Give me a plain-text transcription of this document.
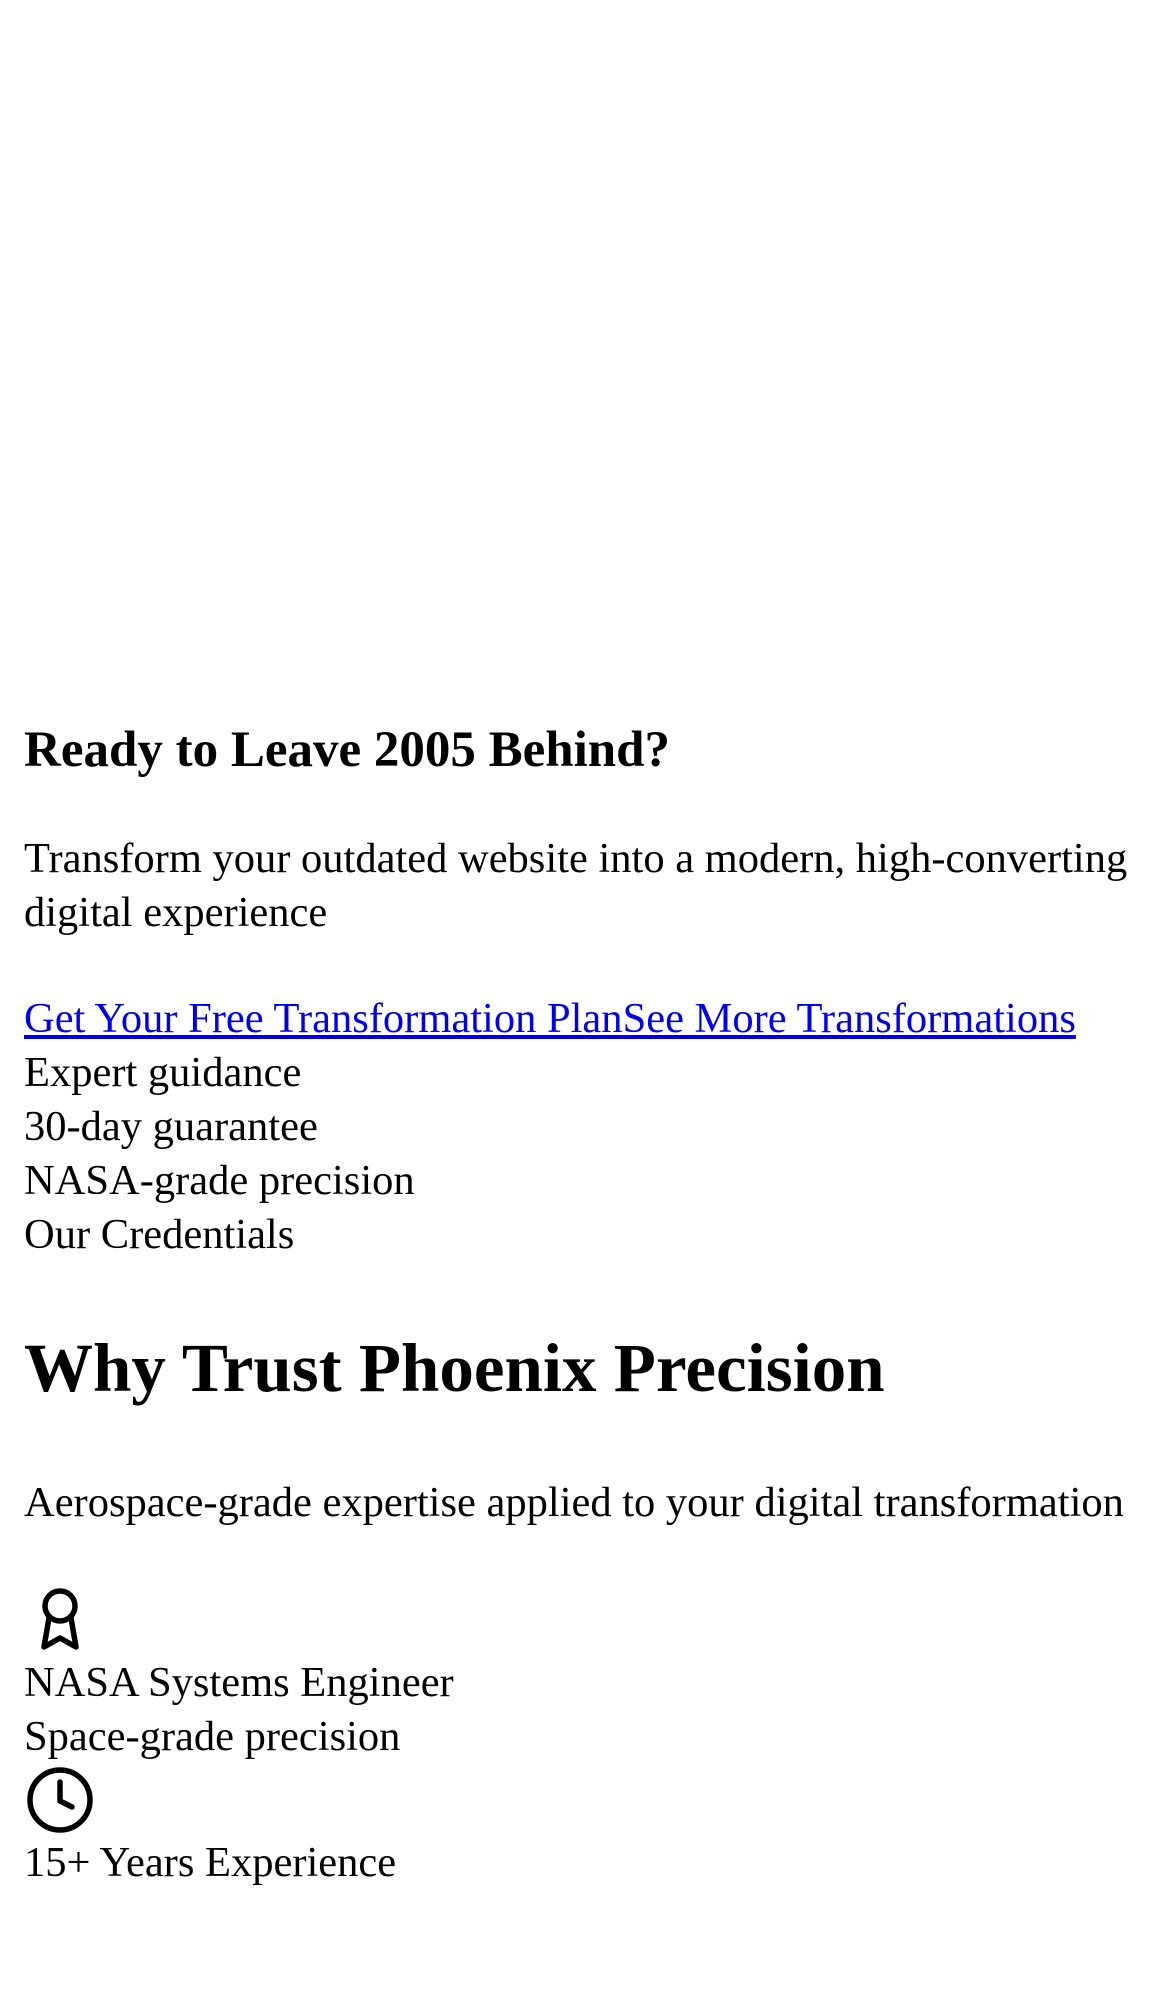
Ready to Leave 2005 Behind?

Transform your outdated website into a modern, high-converting digital experience

Get Your Free Transformation PlanSee More Transformations
Expert guidance
30-day guarantee
NASA-grade precision
Our Credentials
Why Trust Phoenix Precision

Aerospace-grade expertise applied to your digital transformation

NASA Systems Engineer
Space-grade precision
15+ Years Experience
